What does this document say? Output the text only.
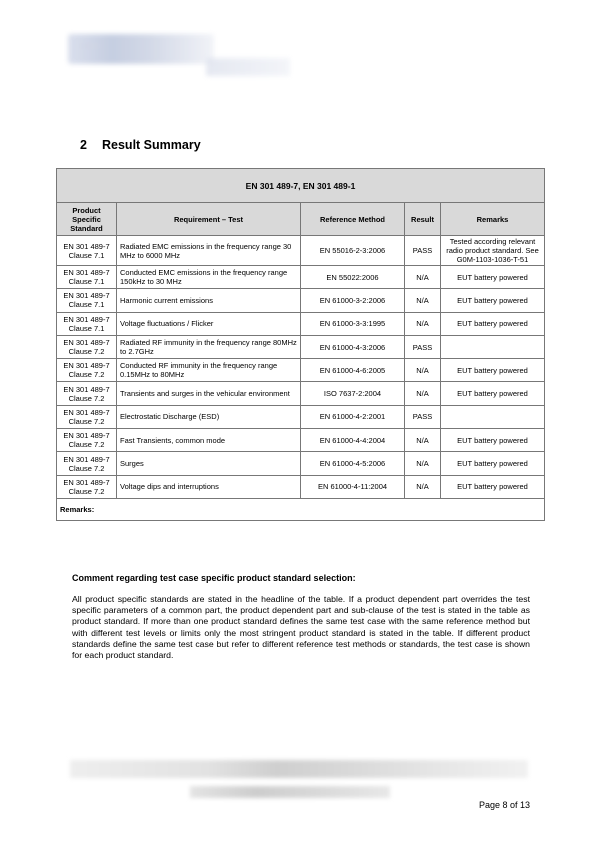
2 Result Summary
EN 301 489-7, EN 301 489-1				
Product Specific Standard	Requirement – Test	Reference Method	Result	Remarks
EN 301 489-7 Clause 7.1	Radiated EMC emissions in the frequency range 30 MHz to 6000 MHz	EN 55016-2-3:2006	PASS	Tested according relevant radio product standard. See G0M-1103-1036-T-51
EN 301 489-7 Clause 7.1	Conducted EMC emissions in the frequency range 150kHz to 30 MHz	EN 55022:2006	N/A	EUT battery powered
EN 301 489-7 Clause 7.1	Harmonic current emissions	EN 61000-3-2:2006	N/A	EUT battery powered
EN 301 489-7 Clause 7.1	Voltage fluctuations / Flicker	EN 61000-3-3:1995	N/A	EUT battery powered
EN 301 489-7 Clause 7.2	Radiated RF immunity in the frequency range 80MHz to 2.7GHz	EN 61000-4-3:2006	PASS	
EN 301 489-7 Clause 7.2	Conducted RF immunity in the frequency range 0.15MHz to 80MHz	EN 61000-4-6:2005	N/A	EUT battery powered
EN 301 489-7 Clause 7.2	Transients and surges in the vehicular environment	ISO 7637-2:2004	N/A	EUT battery powered
EN 301 489-7 Clause 7.2	Electrostatic Discharge (ESD)	EN 61000-4-2:2001	PASS	
EN 301 489-7 Clause 7.2	Fast Transients, common mode	EN 61000-4-4:2004	N/A	EUT battery powered
EN 301 489-7 Clause 7.2	Surges	EN 61000-4-5:2006	N/A	EUT battery powered
EN 301 489-7 Clause 7.2	Voltage dips and interruptions	EN 61000-4-11:2004	N/A	EUT battery powered
Remarks:				
Comment regarding test case specific product standard selection:
All product specific standards are stated in the headline of the table. If a product dependent part overrides the test specific parameters of a common part, the product dependent part and sub-clause of the test is stated in the table as product standard. If more than one product standard defines the same test case with the same reference method but with different test levels or limits only the most stringent product standard is stated in the table. If different product standards define the same test case but refer to different reference test methods or standards, the test case is shown for each product standard.
Page 8 of 13
